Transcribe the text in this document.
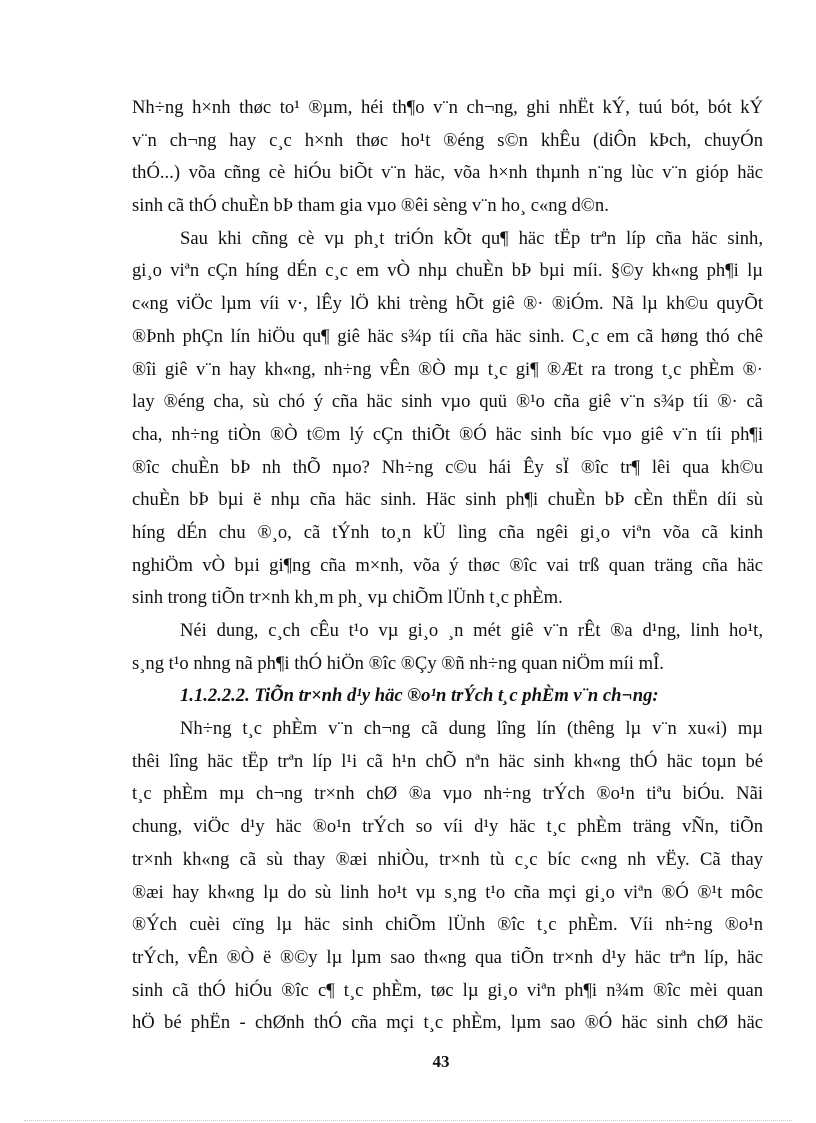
Nh÷ng h×nh thøc to¹ ®µm, héi th¶o v¨n ch¬ng, ghi nhËt kÝ, tuú bót, bót kÝ
v¨n ch¬ng hay c¸c h×nh thøc ho¹t ®éng s©n khÊu (diÔn kÞch, chuyÓn
thÓ...) võa cñng cè hiÓu biÕt v¨n häc, võa h×nh thµnh n¨ng lùc v¨n gióp häc
sinh cã thÓ chuÈn bÞ tham gia vµo ®êi sèng v¨n ho¸ c«ng d©n.
Sau khi cñng cè vµ ph¸t triÓn kÕt qu¶ häc tËp trªn líp cña häc sinh,
gi¸o viªn cÇn híng dÉn c¸c em vÒ nhµ chuÈn bÞ bµi míi. §©y kh«ng ph¶i lµ
c«ng viÖc lµm víi v·, lÊy lÖ khi trèng hÕt giê ®· ®iÓm. Nã lµ kh©u quyÕt
®Þnh phÇn lín hiÖu qu¶ giê häc s¾p tíi cña häc sinh. C¸c em cã høng thó chê
®îi giê v¨n hay kh«ng, nh÷ng vÊn ®Ò mµ t¸c gi¶ ®Æt ra trong t¸c phÈm ®·
lay ®éng cha, sù chó ý cña häc sinh vµo quü ®¹o cña giê v¨n s¾p tíi ®· cã
cha, nh÷ng tiÒn ®Ò t©m lý cÇn thiÕt ®Ó häc sinh bíc vµo giê v¨n tíi ph¶i
®îc chuÈn bÞ nh thÕ nµo? Nh÷ng c©u hái Êy sÏ ®îc tr¶ lêi qua kh©u
chuÈn bÞ bµi ë nhµ cña häc sinh. Häc sinh ph¶i chuÈn bÞ cÈn thËn díi sù
híng dÉn chu ®¸o, cã tÝnh to¸n kÜ lìng cña ngêi gi¸o viªn võa cã kinh
nghiÖm vÒ bµi gi¶ng cña m×nh, võa ý thøc ®îc vai trß quan träng cña häc
sinh trong tiÕn tr×nh kh¸m ph¸ vµ chiÕm lÜnh t¸c phÈm.
Néi dung, c¸ch cÊu t¹o vµ gi¸o ¸n mét giê v¨n rÊt ®a d¹ng, linh ho¹t,
s¸ng t¹o nhng nã ph¶i thÓ hiÖn ®îc ®Çy ®ñ nh÷ng quan niÖm míi mÎ.
1.1.2.2.2. TiÕn tr×nh d¹y häc ®o¹n trÝch t¸c phÈm v¨n ch¬ng:
Nh÷ng t¸c phÈm v¨n ch¬ng cã dung lîng lín (thêng lµ v¨n xu«i) mµ
thêi lîng häc tËp trªn líp l¹i cã h¹n chÕ nªn häc sinh kh«ng thÓ häc toµn bé
t¸c phÈm mµ ch¬ng tr×nh chØ ®a vµo nh÷ng trÝch ®o¹n tiªu biÓu. Nãi
chung, viÖc d¹y häc ®o¹n trÝch so víi d¹y häc t¸c phÈm träng vÑn, tiÕn
tr×nh kh«ng cã sù thay ®æi nhiÒu, tr×nh tù c¸c bíc c«ng nh vËy. Cã thay
®æi hay kh«ng lµ do sù linh ho¹t vµ s¸ng t¹o cña mçi gi¸o viªn ®Ó ®¹t môc
®Ých cuèi cïng lµ häc sinh chiÕm lÜnh ®îc t¸c phÈm. Víi nh÷ng ®o¹n
trÝch, vÊn ®Ò ë ®©y lµ lµm sao th«ng qua tiÕn tr×nh d¹y häc trªn líp, häc
sinh cã thÓ hiÓu ®îc c¶ t¸c phÈm, tøc lµ gi¸o viªn ph¶i n¾m ®îc mèi quan
hÖ bé phËn - chØnh thÓ cña mçi t¸c phÈm, lµm sao ®Ó häc sinh chØ häc
43
